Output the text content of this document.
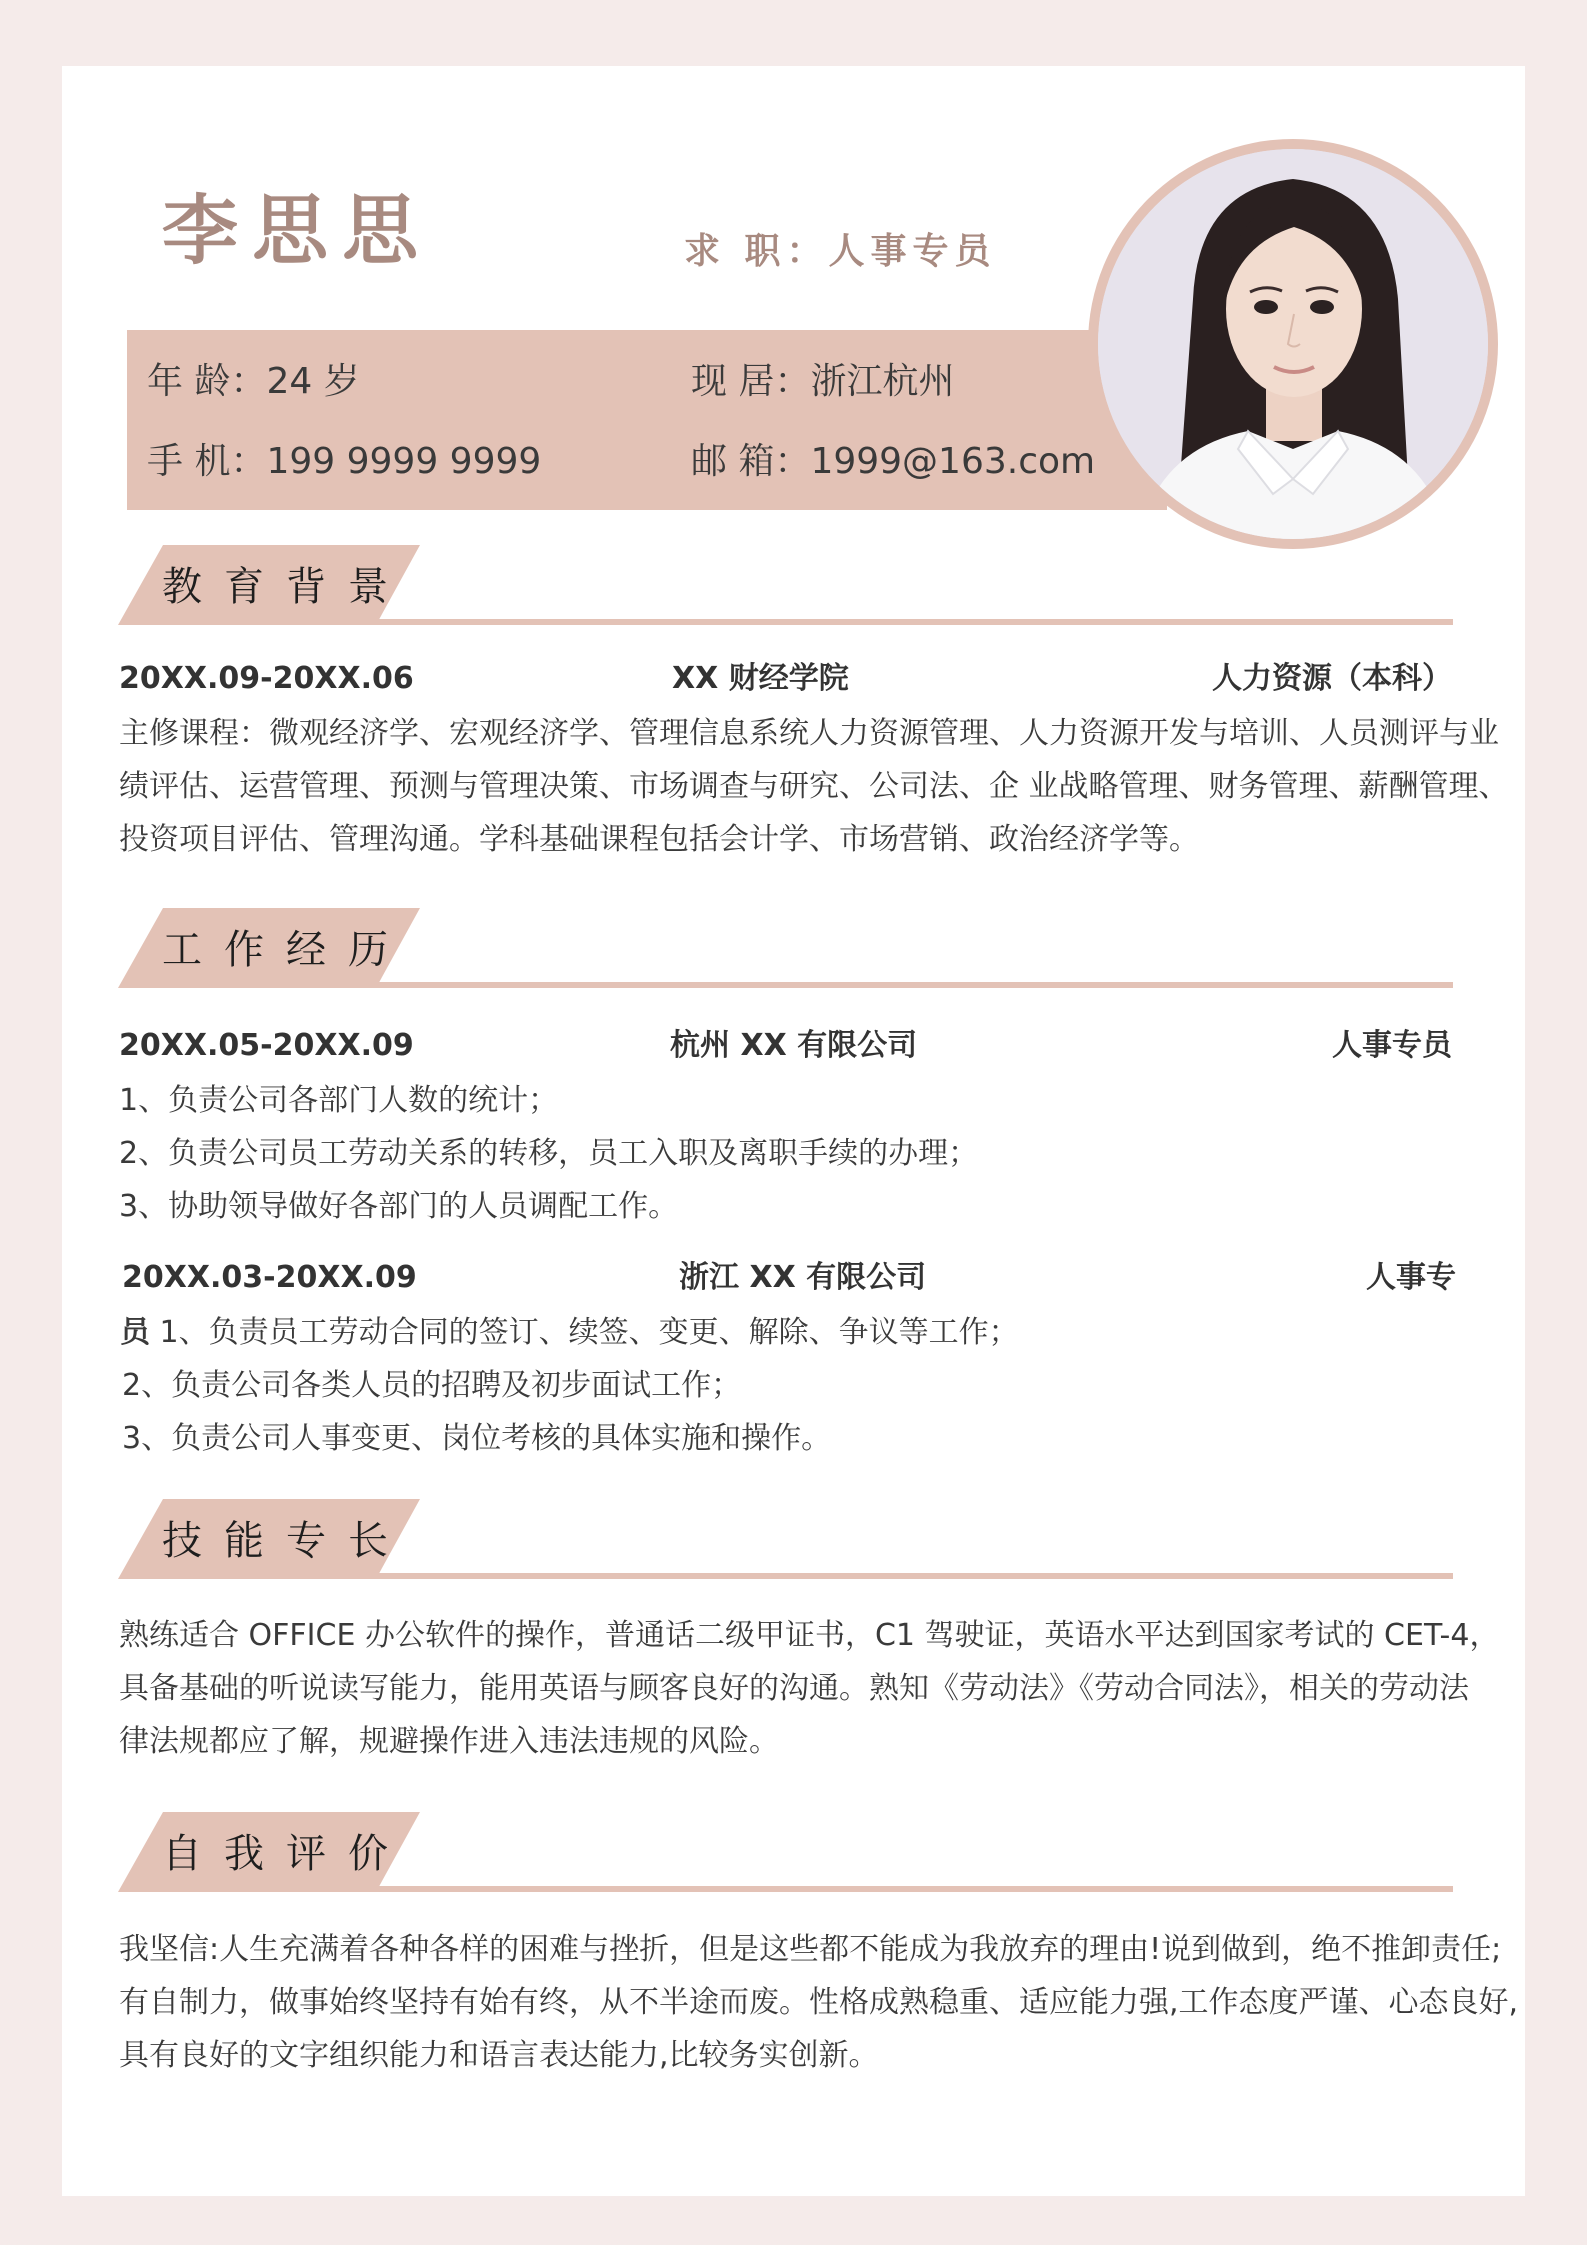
李思思	求 职：人事专员
年 龄：24 岁	现 居：浙江杭州
手 机：199 9999 9999	邮 箱：1999@163.com
教育背景
20XX.09-20XX.06	XX 财经学院	人力资源（本科）
主修课程：微观经济学、宏观经济学、管理信息系统人力资源管理、人力资源开发与培训、人员测评与业
绩评估、运营管理、预测与管理决策、市场调查与研究、公司法、企 业战略管理、财务管理、薪酬管理、
投资项目评估、管理沟通。学科基础课程包括会计学、市场营销、政治经济学等。
工作经历
20XX.05-20XX.09	杭州 XX 有限公司	人事专员
1、负责公司各部门人数的统计；
2、负责公司员工劳动关系的转移，员工入职及离职手续的办理；
3、协助领导做好各部门的人员调配工作。
20XX.03-20XX.09	浙江 XX 有限公司	人事专
员 1、负责员工劳动合同的签订、续签、变更、解除、争议等工作；
2、负责公司各类人员的招聘及初步面试工作；
3、负责公司人事变更、岗位考核的具体实施和操作。
技能专长
熟练适合 OFFICE 办公软件的操作，普通话二级甲证书，C1 驾驶证，英语水平达到国家考试的 CET-4，
具备基础的听说读写能力，能用英语与顾客良好的沟通。熟知《劳动法》《劳动合同法》，相关的劳动法
律法规都应了解，规避操作进入违法违规的风险。
自我评价
我坚信:人生充满着各种各样的困难与挫折，但是这些都不能成为我放弃的理由!说到做到，绝不推卸责任;
有自制力，做事始终坚持有始有终，从不半途而废。性格成熟稳重、适应能力强,工作态度严谨、心态良好,
具有良好的文字组织能力和语言表达能力,比较务实创新。
